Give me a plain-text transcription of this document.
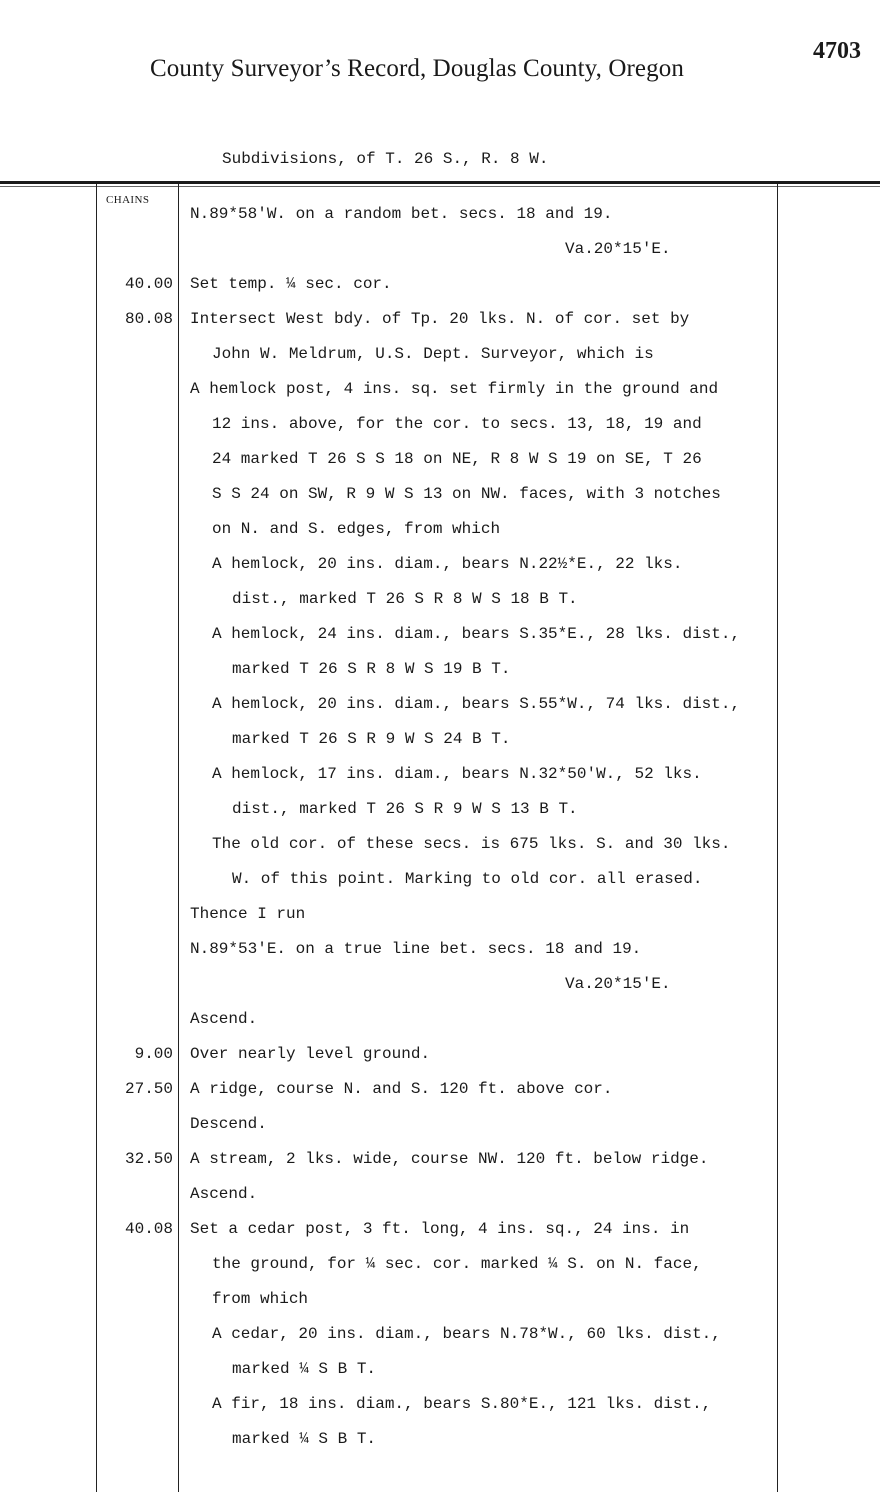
County Surveyor’s Record, Douglas County, Oregon
4703
Subdivisions, of T. 26 S., R. 8 W.
CHAINS
N.89*58'W. on a random bet. secs. 18 and 19.
Va.20*15'E.
40.00 Set temp. ¼ sec. cor.
80.08 Intersect West bdy. of Tp. 20 lks. N. of cor. set by
John W. Meldrum, U.S. Dept. Surveyor, which is
A hemlock post, 4 ins. sq. set firmly in the ground and
12 ins. above, for the cor. to secs. 13, 18, 19 and
24 marked T 26 S S 18 on NE, R 8 W S 19 on SE, T 26
S S 24 on SW, R 9 W S 13 on NW. faces, with 3 notches
on N. and S. edges, from which
A hemlock, 20 ins. diam., bears N.22½*E., 22 lks.
dist., marked T 26 S R 8 W S 18 B T.
A hemlock, 24 ins. diam., bears S.35*E., 28 lks. dist.,
marked T 26 S R 8 W S 19 B T.
A hemlock, 20 ins. diam., bears S.55*W., 74 lks. dist.,
marked T 26 S R 9 W S 24 B T.
A hemlock, 17 ins. diam., bears N.32*50'W., 52 lks.
dist., marked T 26 S R 9 W S 13 B T.
The old cor. of these secs. is 675 lks. S. and 30 lks.
W. of this point. Marking to old cor. all erased.
Thence I run
N.89*53'E. on a true line bet. secs. 18 and 19.
Va.20*15'E.
Ascend.
9.00 Over nearly level ground.
27.50 A ridge, course N. and S. 120 ft. above cor.
Descend.
32.50 A stream, 2 lks. wide, course NW. 120 ft. below ridge.
Ascend.
40.08 Set a cedar post, 3 ft. long, 4 ins. sq., 24 ins. in
the ground, for ¼ sec. cor. marked ¼ S. on N. face,
from which
A cedar, 20 ins. diam., bears N.78*W., 60 lks. dist.,
marked ¼ S B T.
A fir, 18 ins. diam., bears S.80*E., 121 lks. dist.,
marked ¼ S B T.
